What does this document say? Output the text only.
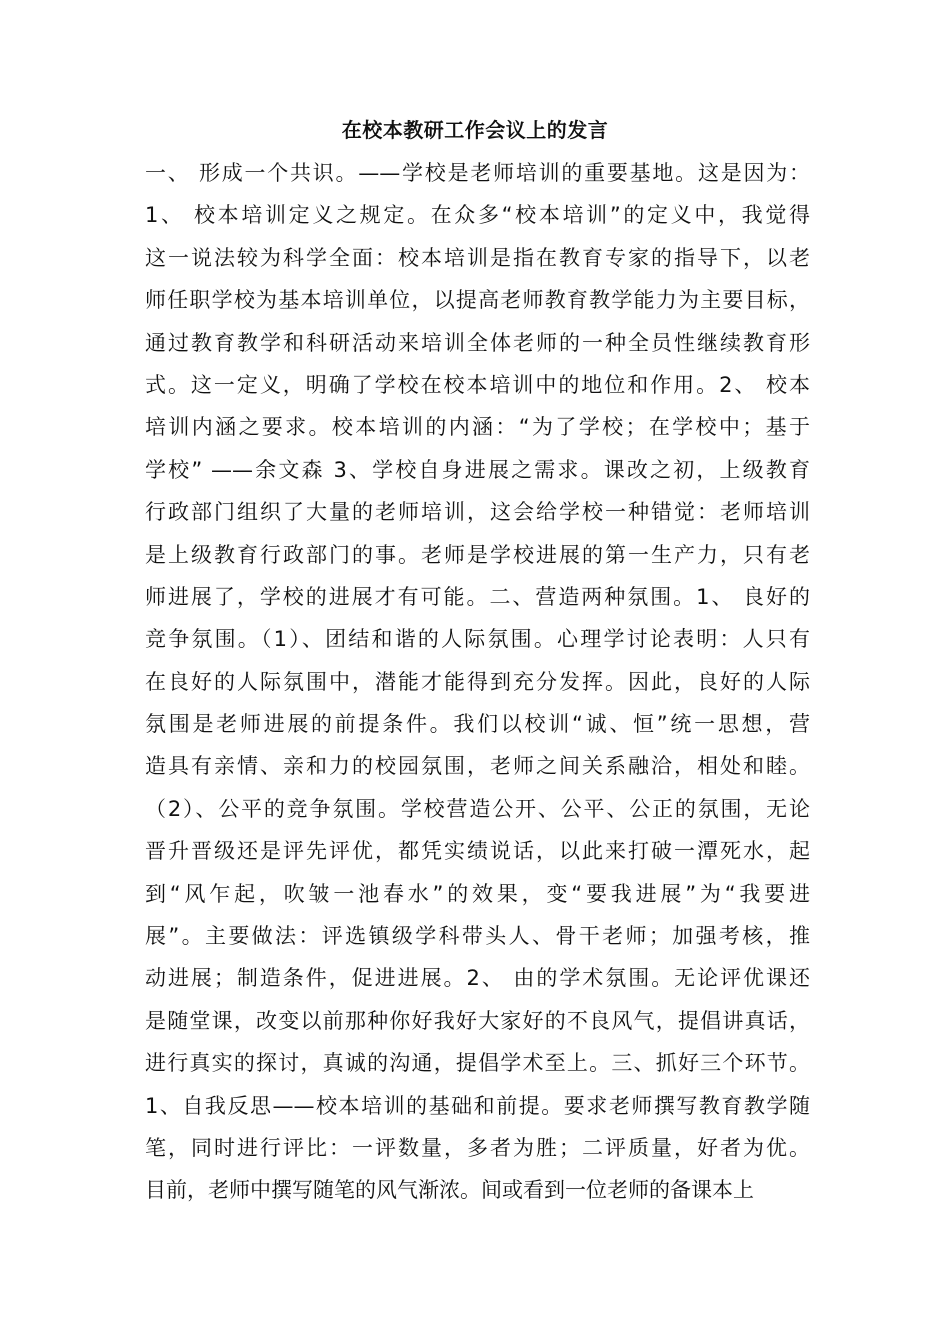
在校本教研工作会议上的发言
一、 形成一个共识。——学校是老师培训的重要基地。这是因为：
1、 校本培训定义之规定。在众多“校本培训”的定义中，我觉得
这一说法较为科学全面：校本培训是指在教育专家的指导下，以老
师任职学校为基本培训单位，以提高老师教育教学能力为主要目标，
通过教育教学和科研活动来培训全体老师的一种全员性继续教育形
式。这一定义，明确了学校在校本培训中的地位和作用。2、 校本
培训内涵之要求。校本培训的内涵：“为了学校；在学校中；基于
学校” ——余文森 3、学校自身进展之需求。课改之初，上级教育
行政部门组织了大量的老师培训，这会给学校一种错觉：老师培训
是上级教育行政部门的事。老师是学校进展的第一生产力，只有老
师进展了，学校的进展才有可能。二、营造两种氛围。1、 良好的
竞争氛围。（1）、团结和谐的人际氛围。心理学讨论表明：人只有
在良好的人际氛围中，潜能才能得到充分发挥。因此，良好的人际
氛围是老师进展的前提条件。我们以校训“诚、恒”统一思想，营
造具有亲情、亲和力的校园氛围，老师之间关系融洽，相处和睦。
（2）、公平的竞争氛围。学校营造公开、公平、公正的氛围，无论
晋升晋级还是评先评优，都凭实绩说话，以此来打破一潭死水，起
到“风乍起，吹皱一池春水”的效果，变“要我进展”为“我要进
展”。主要做法：评选镇级学科带头人、骨干老师；加强考核，推
动进展；制造条件，促进进展。2、 由的学术氛围。无论评优课还
是随堂课，改变以前那种你好我好大家好的不良风气，提倡讲真话，
进行真实的探讨，真诚的沟通，提倡学术至上。三、抓好三个环节。
1、自我反思——校本培训的基础和前提。要求老师撰写教育教学随
笔，同时进行评比：一评数量，多者为胜；二评质量，好者为优。
目前，老师中撰写随笔的风气渐浓。间或看到一位老师的备课本上
